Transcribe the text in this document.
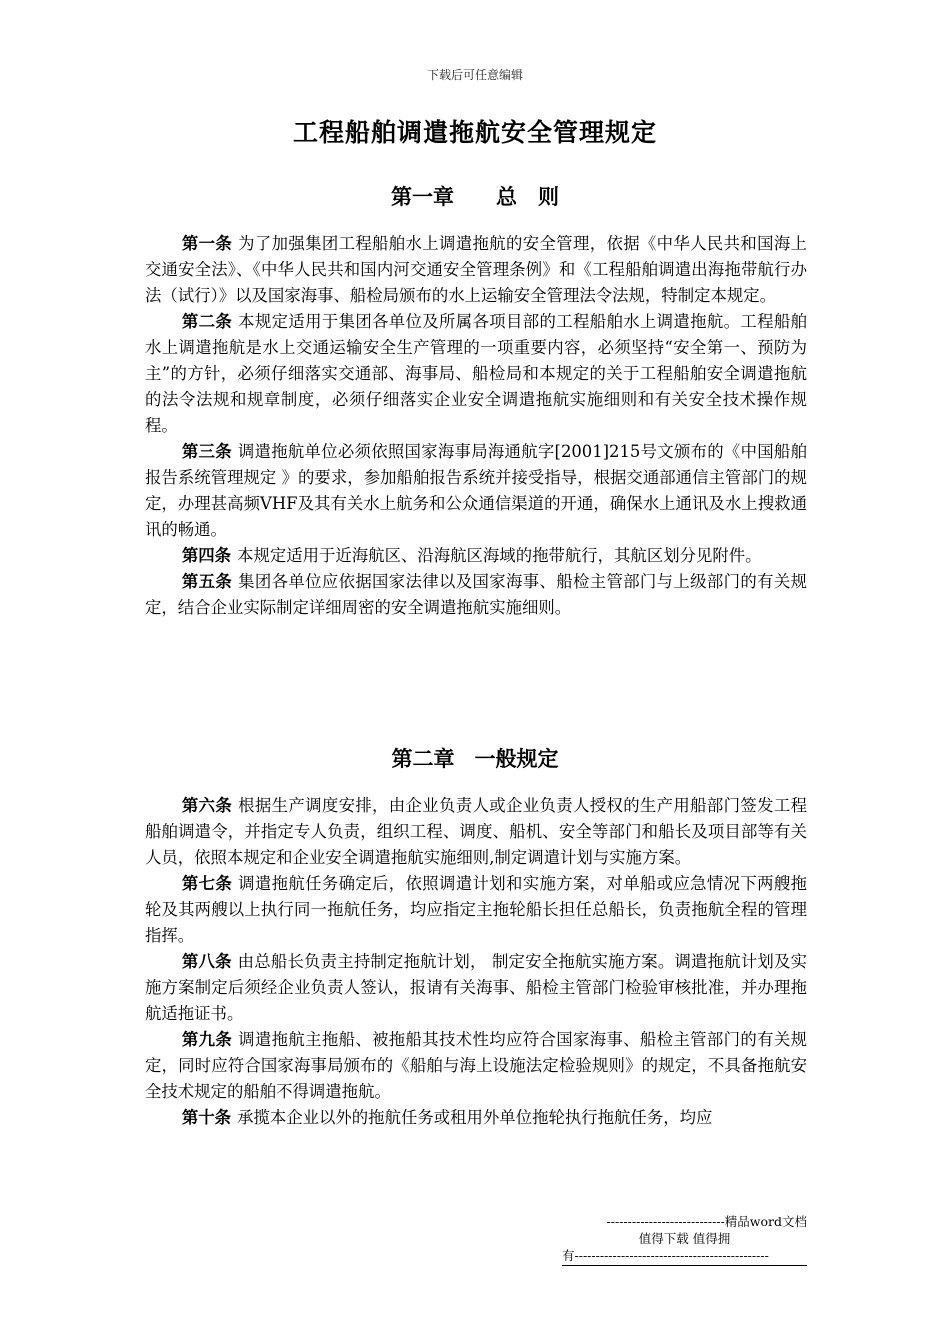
下载后可任意编辑
工程船舶调遣拖航安全管理规定
第一章 总　则

第一条 为了加强集团工程船舶水上调遣拖航的安全管理，依据《中华人民共和国海上交通安全法》、《中华人民共和国内河交通安全管理条例》和《工程船舶调遣出海拖带航行办法（试行）》以及国家海事、船检局颁布的水上运输安全管理法令法规，特制定本规定。

第二条 本规定适用于集团各单位及所属各项目部的工程船舶水上调遣拖航。工程船舶水上调遣拖航是水上交通运输安全生产管理的一项重要内容，必须坚持“安全第一、预防为主”的方针，必须仔细落实交通部、海事局、船检局和本规定的关于工程船舶安全调遣拖航的法令法规和规章制度，必须仔细落实企业安全调遣拖航实施细则和有关安全技术操作规程。

第三条 调遣拖航单位必须依照国家海事局海通航字[2001]215号文颁布的《中国船舶报告系统管理规定 》的要求，参加船舶报告系统并接受指导，根据交通部通信主管部门的规定，办理甚高频VHF及其有关水上航务和公众通信渠道的开通，确保水上通讯及水上搜救通讯的畅通。

第四条 本规定适用于近海航区、沿海航区海域的拖带航行，其航区划分见附件。

第五条 集团各单位应依据国家法律以及国家海事、船检主管部门与上级部门的有关规定，结合企业实际制定详细周密的安全调遣拖航实施细则。

第二章 一般规定

第六条 根据生产调度安排，由企业负责人或企业负责人授权的生产用船部门签发工程船舶调遣令，并指定专人负责，组织工程、调度、船机、安全等部门和船长及项目部等有关人员，依照本规定和企业安全调遣拖航实施细则,制定调遣计划与实施方案。

第七条 调遣拖航任务确定后，依照调遣计划和实施方案，对单船或应急情况下两艘拖轮及其两艘以上执行同一拖航任务，均应指定主拖轮船长担任总船长，负责拖航全程的管理指挥。

第八条 由总船长负责主持制定拖航计划， 制定安全拖航实施方案。调遣拖航计划及实施方案制定后须经企业负责人签认，报请有关海事、船检主管部门检验审核批准，并办理拖航适拖证书。

第九条 调遣拖航主拖船、被拖船其技术性均应符合国家海事、船检主管部门的有关规定，同时应符合国家海事局颁布的《船舶与海上设施法定检验规则》的规定，不具备拖航安全技术规定的船舶不得调遣拖航。

第十条 承揽本企业以外的拖航任务或租用外单位拖轮执行拖航任务，均应

----------------------------精品word文档
值得下载 值得拥
有----------------------------------------------
